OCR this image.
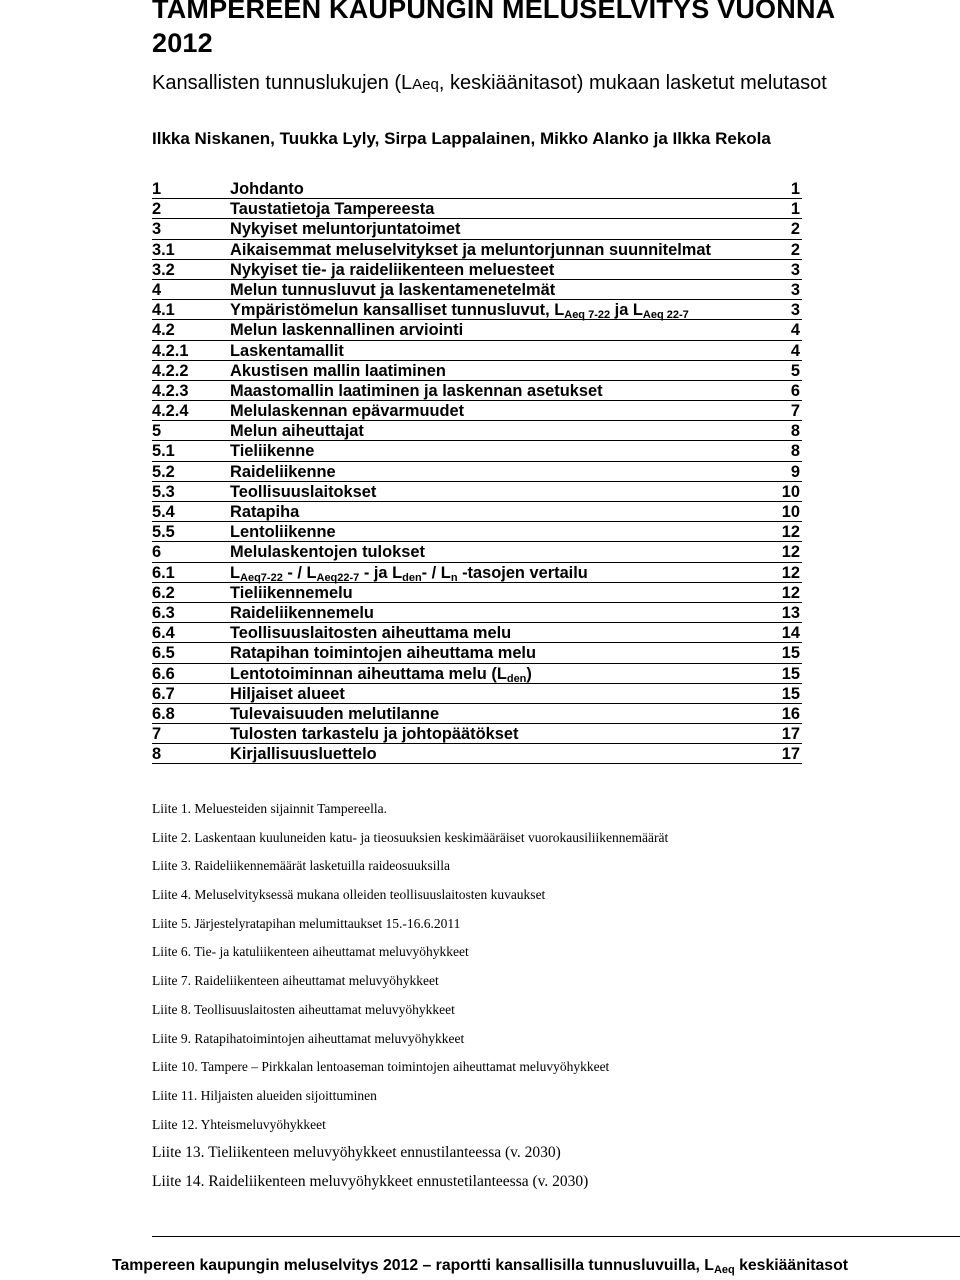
TAMPEREEN KAUPUNGIN MELUSELVITYS VUONNA 2012
Kansallisten tunnuslukujen (LAeq, keskiäänitasot) mukaan lasketut melutasot
Ilkka Niskanen, Tuukka Lyly, Sirpa Lappalainen, Mikko Alanko ja Ilkka Rekola
1	Johdanto	1
2	Taustatietoja Tampereesta	1
3	Nykyiset meluntorjuntatoimet	2
3.1	Aikaisemmat meluselvitykset ja meluntorjunnan suunnitelmat	2
3.2	Nykyiset tie- ja raideliikenteen meluesteet	3
4	Melun tunnusluvut ja laskentamenetelmät	3
4.1	Ympäristömelun kansalliset tunnusluvut, LAeq 7-22 ja LAeq 22-7	3
4.2	Melun laskennallinen arviointi	4
4.2.1	Laskentamallit	4
4.2.2	Akustisen mallin laatiminen	5
4.2.3	Maastomallin laatiminen ja laskennan asetukset	6
4.2.4	Melulaskennan epävarmuudet	7
5	Melun aiheuttajat	8
5.1	Tieliikenne	8
5.2	Raideliikenne	9
5.3	Teollisuuslaitokset	10
5.4	Ratapiha	10
5.5	Lentoliikenne	12
6	Melulaskentojen tulokset	12
6.1	LAeq7-22 - / LAeq22-7 - ja Lden- / Ln -tasojen vertailu	12
6.2	Tieliikennemelu	12
6.3	Raideliikennemelu	13
6.4	Teollisuuslaitosten aiheuttama melu	14
6.5	Ratapihan toimintojen aiheuttama melu	15
6.6	Lentotoiminnan aiheuttama melu (Lden)	15
6.7	Hiljaiset alueet	15
6.8	Tulevaisuuden melutilanne	16
7	Tulosten tarkastelu ja johtopäätökset	17
8	Kirjallisuusluettelo	17
Liite 1. Meluesteiden sijainnit Tampereella.
Liite 2. Laskentaan kuuluneiden katu- ja tieosuuksien keskimääräiset vuorokausiliikennemäärät
Liite 3. Raideliikennemäärät lasketuilla raideosuuksilla
Liite 4. Meluselvityksessä mukana olleiden teollisuuslaitosten kuvaukset
Liite 5. Järjestelyratapihan melumittaukset 15.-16.6.2011
Liite 6. Tie- ja katuliikenteen aiheuttamat meluvyöhykkeet
Liite 7. Raideliikenteen aiheuttamat meluvyöhykkeet
Liite 8. Teollisuuslaitosten aiheuttamat meluvyöhykkeet
Liite 9. Ratapihatoimintojen aiheuttamat meluvyöhykkeet
Liite 10. Tampere – Pirkkalan lentoaseman toimintojen aiheuttamat meluvyöhykkeet
Liite 11. Hiljaisten alueiden sijoittuminen
Liite 12. Yhteismeluvyöhykkeet
Liite 13. Tieliikenteen meluvyöhykkeet ennustilanteessa (v. 2030)
Liite 14. Raideliikenteen meluvyöhykkeet ennustetilanteessa (v. 2030)
Tampereen kaupungin meluselvitys 2012 – raportti kansallisilla tunnusluvuilla, LAeq keskiäänitasot
